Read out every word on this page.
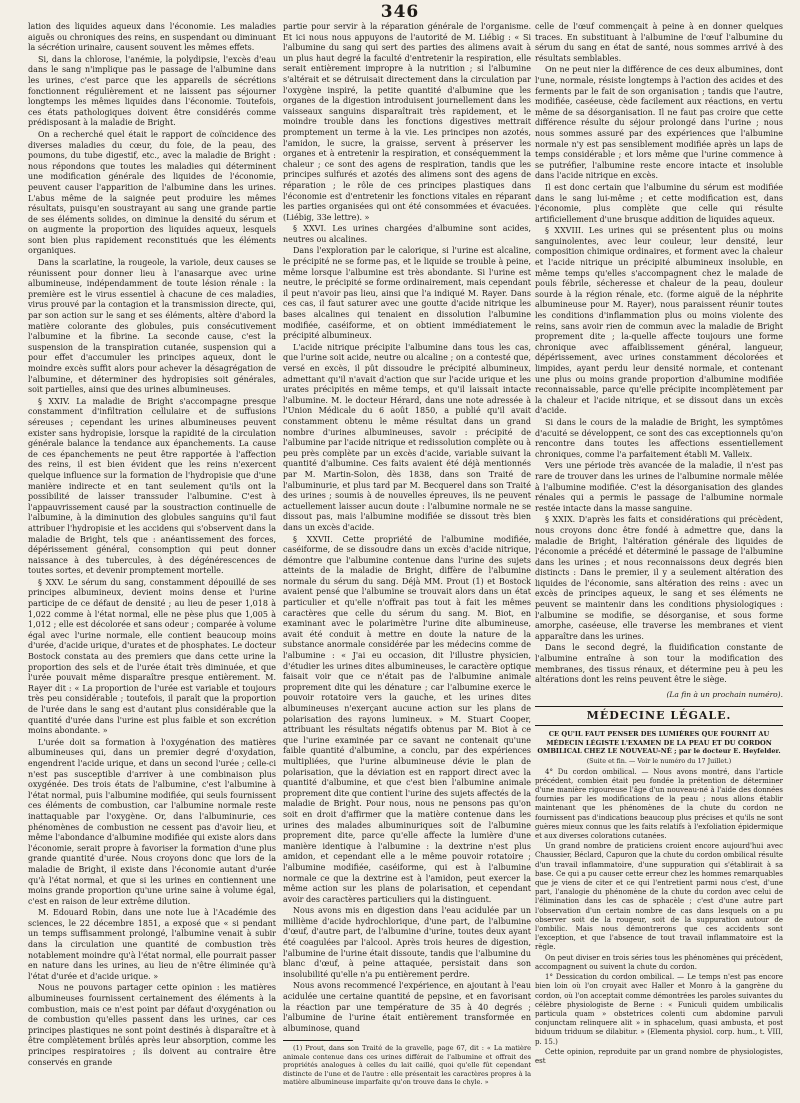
346

lation des liquides aqueux dans l'économie. Les maladies aiguës ou chroniques des reins, en suspendant ou diminuant la sécrétion urinaire, causent souvent les mêmes effets.

Si, dans la chlorose, l'anémie, la polydipsie, l'excès d'eau dans le sang n'implique pas le passage de l'albumine dans les urines, c'est parce que les appareils de sécrétions fonctionnent régulièrement et ne laissent pas séjourner longtemps les mêmes liquides dans l'économie. Toutefois, ces états pathologiques doivent être considérés comme prédisposant à la maladie de Bright.

On a recherché quel était le rapport de coïncidence des diverses maladies du cœur, du foie, de la peau, des poumons, du tube digestif, etc., avec la maladie de Bright : nous répondons que toutes les maladies qui déterminent une modification générale des liquides de l'économie, peuvent causer l'apparition de l'albumine dans les urines. L'abus même de la saignée peut produire les mêmes résultats, puisqu'en soustrayant au sang une grande partie de ses éléments solides, on diminue la densité du sérum et on augmente la proportion des liquides aqueux, lesquels sont bien plus rapidement reconstitués que les éléments organiques.

Dans la scarlatine, la rougeole, la variole, deux causes se réunissent pour donner lieu à l'anasarque avec urine albumineuse, indépendamment de toute lésion rénale : la première est le virus essentiel à chacune de ces maladies, virus prouvé par la contagion et la transmission directe, qui, par son action sur le sang et ses éléments, altère d'abord la matière colorante des globules, puis consécutivement l'albumine et la fibrine. La seconde cause, c'est la suspension de la transpiration cutanée, suspension qui a pour effet d'accumuler les principes aqueux, dont le moindre excès suffit alors pour achever la désagrégation de l'albumine, et déterminer des hydropisies soit générales, soit partielles, ainsi que des urines albumineuses.

§ XXIV. La maladie de Bright s'accompagne presque constamment d'infiltration cellulaire et de suffusions séreuses ; cependant les urines albumineuses peuvent exister sans hydropisie, lorsque la rapidité de la circulation générale balance la tendance aux épanchements. La cause de ces épanchements ne peut être rapportée à l'affection des reins, il est bien évident que les reins n'exercent quelque influence sur la formation de l'hydropisie que d'une manière indirecte et en tant seulement qu'ils ont la possibilité de laisser transsuder l'albumine. C'est à l'appauvrissement causé par la soustraction continuelle de l'albumine, à la diminution des globules sanguins qu'il faut attribuer l'hydropisie et les accidens qui s'observent dans la maladie de Bright, tels que : anéantissement des forces, dépérissement général, consomption qui peut donner naissance à des tubercules, à des dégénérescences de toutes sortes, et devenir promptement mortelle.

§ XXV. Le sérum du sang, constamment dépouillé de ses principes albumineux, devient moins dense et l'urine participe de ce défaut de densité ; au lieu de peser 1,018 à 1,022 comme à l'état normal, elle ne pèse plus que 1,005 à 1,012 ; elle est décolorée et sans odeur ; comparée à volume égal avec l'urine normale, elle contient beaucoup moins d'urée, d'acide urique, d'urates et de phosphates. Le docteur Bostock constata au des premiers que dans cette urine la proportion des sels et de l'urée était très diminuée, et que l'urée pouvait même disparaître presque entièrement. M. Rayer dit : « La proportion de l'urée est variable et toujours très peu considérable ; toutefois, il paraît que la proportion de l'urée dans le sang est d'autant plus considérable que la quantité d'urée dans l'urine est plus faible et son excrétion moins abondante. »

L'urée doit sa formation à l'oxygénation des matières albumineuses qui, dans un premier degré d'oxydation, engendrent l'acide urique, et dans un second l'urée ; celle-ci n'est pas susceptible d'arriver à une combinaison plus oxygénée. Des trois états de l'albumine, c'est l'albumine à l'état normal, puis l'albumine modifiée, qui seuls fournissent ces éléments de combustion, car l'albumine normale reste inattaquable par l'oxygène. Or, dans l'albuminurie, ces phénomènes de combustion ne cessent pas d'avoir lieu, et même l'abondance d'albumine modifiée qui existe alors dans l'économie, serait propre à favoriser la formation d'une plus grande quantité d'urée. Nous croyons donc que lors de la maladie de Bright, il existe dans l'économie autant d'urée qu'à l'état normal, et que si les urines en contiennent une moins grande proportion qu'une urine saine à volume égal, c'est en raison de leur extrême dilution.

M. Edouard Robin, dans une note lue à l'Académie des sciences, le 22 décembre 1851, a exposé que « si pendant un temps suffisamment prolongé, l'albumine venait à subir dans la circulation une quantité de combustion très notablement moindre qu'à l'état normal, elle pourrait passer en nature dans les urines, au lieu de n'être éliminée qu'à l'état d'urée et d'acide urique. »

Nous ne pouvons partager cette opinion : les matières albumineuses fournissent certainement des éléments à la combustion, mais ce n'est point par défaut d'oxygénation ou de combustion qu'elles passent dans les urines, car ces principes plastiques ne sont point destinés à disparaître et à être complètement brûlés après leur absorption, comme les principes respiratoires ; ils doivent au contraire être conservés en grande

partie pour servir à la réparation générale de l'organisme. Et ici nous nous appuyons de l'autorité de M. Liébig : « Si l'albumine du sang qui sert des parties des alimens avait à un plus haut degré la faculté d'entretenir la respiration, elle serait entièrement impropre à la nutrition ; si l'albumine s'altérait et se détruisait directement dans la circulation par l'oxygène inspiré, la petite quantité d'albumine que les organes de la digestion introduisent journellement dans les vaisseaux sanguins disparaîtrait très rapidement, et le moindre trouble dans les fonctions digestives mettrait promptement un terme à la vie. Les principes non azotés, l'amidon, le sucre, la graisse, servent à préserver les organes et à entretenir la respiration, et conséquemment la chaleur ; ce sont des agens de respiration, tandis que les principes sulfurés et azotés des alimens sont des agens de réparation ; le rôle de ces principes plastiques dans l'économie est d'entretenir les fonctions vitales en réparant les parties organisées qui ont été consommées et évacuées. (Liébig, 33e lettre). »

§ XXVI. Les urines chargées d'albumine sont acides, neutres ou alcalines.

Dans l'exploration par le calorique, si l'urine est alcaline, le précipité ne se forme pas, et le liquide se trouble à peine, même lorsque l'albumine est très abondante. Si l'urine est neutre, le précipité se forme ordinairement, mais cependant il peut n'avoir pas lieu, ainsi que l'a indiqué M. Rayer. Dans ces cas, il faut saturer avec une goutte d'acide nitrique les bases alcalines qui tenaient en dissolution l'albumine modifiée, caséiforme, et on obtient immédiatement le précipité albumineux.

L'acide nitrique précipite l'albumine dans tous les cas, que l'urine soit acide, neutre ou alcaline ; on a contesté que, versé en excès, il pût dissoudre le précipité albumineux, admettant qu'il n'avait d'action que sur l'acide urique et les urates précipités en même temps, et qu'il laissait intacte l'albumine. M. le docteur Hérard, dans une note adressée à l'Union Médicale du 6 août 1850, a publié qu'il avait constamment obtenu le même résultat dans un grand nombre d'urines albumineuses, savoir : précipité de l'albumine par l'acide nitrique et redissolution complète ou à peu près complète par un excès d'acide, variable suivant la quantité d'albumine. Ces faits avaient été déjà mentionnés par M. Martin-Solon, dès 1838, dans son Traité de l'albuminurie, et plus tard par M. Becquerel dans son Traité des urines ; soumis à de nouvelles épreuves, ils ne peuvent actuellement laisser aucun doute : l'albumine normale ne se dissout pas, mais l'albumine modifiée se dissout très bien dans un excès d'acide.

§ XXVII. Cette propriété de l'albumine modifiée, caséiforme, de se dissoudre dans un excès d'acide nitrique, démontre que l'albumine contenue dans l'urine des sujets atteints de la maladie de Bright, diffère de l'albumine normale du sérum du sang. Déjà MM. Prout (1) et Bostock avaient pensé que l'albumine se trouvait alors dans un état particulier et qu'elle n'offrait pas tout à fait les mêmes caractères que celle du sérum du sang. M. Biot, en examinant avec le polarimètre l'urine dite albumineuse, avait été conduit à mettre en doute la nature de la substance anormale considérée par les médecins comme de l'albumine : « J'ai eu occasion, dit l'illustre physicien, d'étudier les urines dites albumineuses, le caractère optique faisait voir que ce n'était pas de l'albumine animale proprement dite qui les dénature ; car l'albumine exerce le pouvoir rotatoire vers la gauche, et les urines dites albumineuses n'exerçant aucune action sur les plans de polarisation des rayons lumineux. » M. Stuart Cooper, attribuant les résultats négatifs obtenus par M. Biot à ce que l'urine examinée par ce savant ne contenait qu'une faible quantité d'albumine, a conclu, par des expériences multipliées, que l'urine albumineuse dévie le plan de polarisation, que la déviation est en rapport direct avec la quantité d'albumine, et que c'est bien l'albumine animale proprement dite que contient l'urine des sujets affectés de la maladie de Bright. Pour nous, nous ne pensons pas qu'on soit en droit d'affirmer que la matière contenue dans les urines des malades albuminuriques soit de l'albumine proprement dite, parce qu'elle affecte la lumière d'une manière identique à l'albumine : la dextrine n'est plus amidon, et cependant elle a le même pouvoir rotatoire ; l'albumine modifiée, caséiforme, qui est à l'albumine normale ce que la dextrine est à l'amidon, peut exercer la même action sur les plans de polarisation, et cependant avoir des caractères particuliers qui la distinguent.

Nous avons mis en digestion dans l'eau acidulée par un millième d'acide hydrochlorique, d'une part, de l'albumine d'œuf, d'autre part, de l'albumine d'urine, toutes deux ayant été coagulées par l'alcool. Après trois heures de digestion, l'albumine de l'urine était dissoute, tandis que l'albumine du blanc d'œuf, à peine attaquée, persistait dans son insolubilité qu'elle n'a pu entièrement perdre.

Nous avons recommencé l'expérience, en ajoutant à l'eau acidulée une certaine quantité de pepsine, et en favorisant la réaction par une température de 35 à 40 degrés ; l'albumine de l'urine était entièrement transformée en albuminose, quand

(1) Prout, dans son Traité de la gravelle, page 67, dit : « La matière animale contenue dans ces urines différait de l'albumine et offrait des propriétés analogues à celles du lait caillé, quoi qu'elle fût cependant distincte de l'une et de l'autre : elle présentait les caractères propres à la matière albumineuse imparfaite qu'on trouve dans le chyle. »

celle de l'œuf commençait à peine à en donner quelques traces. En substituant à l'albumine de l'œuf l'albumine du sérum du sang en état de santé, nous sommes arrivé à des résultats semblables.

On ne peut nier la différence de ces deux albumines, dont l'une, normale, résiste longtemps à l'action des acides et des ferments par le fait de son organisation ; tandis que l'autre, modifiée, caséeuse, cède facilement aux réactions, en vertu même de sa désorganisation. Il ne faut pas croire que cette différence résulte du séjour prolongé dans l'urine ; nous nous sommes assuré par des expériences que l'albumine normale n'y est pas sensiblement modifiée après un laps de temps considérable ; et lors même que l'urine commence à se putréfier, l'albumine reste encore intacte et insoluble dans l'acide nitrique en excès.

Il est donc certain que l'albumine du sérum est modifiée dans le sang lui-même ; et cette modification est, dans l'économie, plus complète que celle qui résulte artificiellement d'une brusque addition de liquides aqueux.

§ XXVIII. Les urines qui se présentent plus ou moins sanguinolentes, avec leur couleur, leur densité, leur composition chimique ordinaires, et forment avec la chaleur et l'acide nitrique un précipité albumineux insoluble, en même temps qu'elles s'accompagnent chez le malade de pouls fébrile, sécheresse et chaleur de la peau, douleur sourde à la région rénale, etc. (forme aiguë de la néphrite albumineuse pour M. Rayer), nous paraissent réunir toutes les conditions d'inflammation plus ou moins violente des reins, sans avoir rien de commun avec la maladie de Bright proprement dite ; la-quelle affecte toujours une forme chronique avec affaiblissement général, langueur, dépérissement, avec urines constamment décolorées et limpides, ayant perdu leur densité normale, et contenant une plus ou moins grande proportion d'albumine modifiée reconnaissable, parce qu'elle précipite incomplètement par la chaleur et l'acide nitrique, et se dissout dans un excès d'acide.

Si dans le cours de la maladie de Bright, les symptômes d'acuité se développent, ce sont des cas exceptionnels qu'on rencontre dans toutes les affections essentiellement chroniques, comme l'a parfaitement établi M. Valleix.

Vers une période très avancée de la maladie, il n'est pas rare de trouver dans les urines de l'albumine normale mêlée à l'albumine modifiée. C'est la désorganisation des glandes rénales qui a permis le passage de l'albumine normale restée intacte dans la masse sanguine.

§ XXIX. D'après les faits et considérations qui précèdent, nous croyons donc être fondé à admettre que, dans la maladie de Bright, l'altération générale des liquides de l'économie a précédé et déterminé le passage de l'albumine dans les urines ; et nous reconnaissons deux degrés bien distincts : Dans le premier, il y a seulement altération des liquides de l'économie, sans altération des reins : avec un excès de principes aqueux, le sang et ses éléments ne peuvent se maintenir dans les conditions physiologiques : l'albumine se modifie, se désorganise, et sous forme amorphe, caséeuse, elle traverse les membranes et vient apparaître dans les urines.

Dans le second degré, la fluidification constante de l'albumine entraîne à son tour la modification des membranes, des tissus rénaux, et détermine peu à peu les altérations dont les reins peuvent être le siège.

(La fin à un prochain numéro).
MÉDECINE LÉGALE.
CE QU'IL FAUT PENSER DES LUMIÈRES QUE FOURNIT AU MÉDECIN LÉGISTE L'EXAMEN DE LA PEAU ET DU CORDON OMBILICAL CHEZ LE NOUVEAU-NÉ ; par le docteur E. Heyfelder.
(Suite et fin. — Voir le numéro du 17 Juillet.)

4° Du cordon ombilical. — Nous avons montré, dans l'article précédent, combien était peu fondée la prétention de déterminer d'une manière rigoureuse l'âge d'un nouveau-né à l'aide des données fournies par les modifications de la peau ; nous allons établir maintenant que les phénomènes de la chute du cordon ne fournissent pas d'indications beaucoup plus précises et qu'ils ne sont guères mieux connus que les faits relatifs à l'exfoliation épidermique et aux diverses colorations cutanées.

Un grand nombre de praticiens croient encore aujourd'hui avec Chaussier, Béclard, Capuron que la chute du cordon ombilical résulte d'un travail inflammatoire, d'une suppuration qui s'établirait à sa base. Ce qui a pu causer cette erreur chez les hommes remarquables que je viens de citer et ce qui l'entretient parmi nous c'est, d'une part, l'analogie du phénomène de la chute du cordon avec celui de l'élimination dans les cas de sphacèle ; c'est d'une autre part l'observation d'un certain nombre de cas dans lesquels on a pu observer soit de la rougeur, soit de la suppuration autour de l'ombilic. Mais nous démontrerons que ces accidents sont l'exception, et que l'absence de tout travail inflammatoire est la règle.

On peut diviser en trois séries tous les phénomènes qui précèdent, accompagnent ou suivent la chute du cordon.

1° Dessication du cordon ombilical. — Le temps n'est pas encore bien loin où l'on croyait avec Haller et Monro à la gangrène du cordon, où l'on acceptait comme démontrées les paroles suivantes du célèbre physiologiste de Berne : « Funiculi quidem umbilicalis particula quam » obstetrices colenti cum abdomine parvuli conjunctam relinquere alit » in sphacelum, quasi ambusta, et post biduum triduum se dilabitur. » (Elementa physiol. corp. hum., t. VIII, p. 15.)

Cette opinion, reproduite par un grand nombre de physiologistes, est
